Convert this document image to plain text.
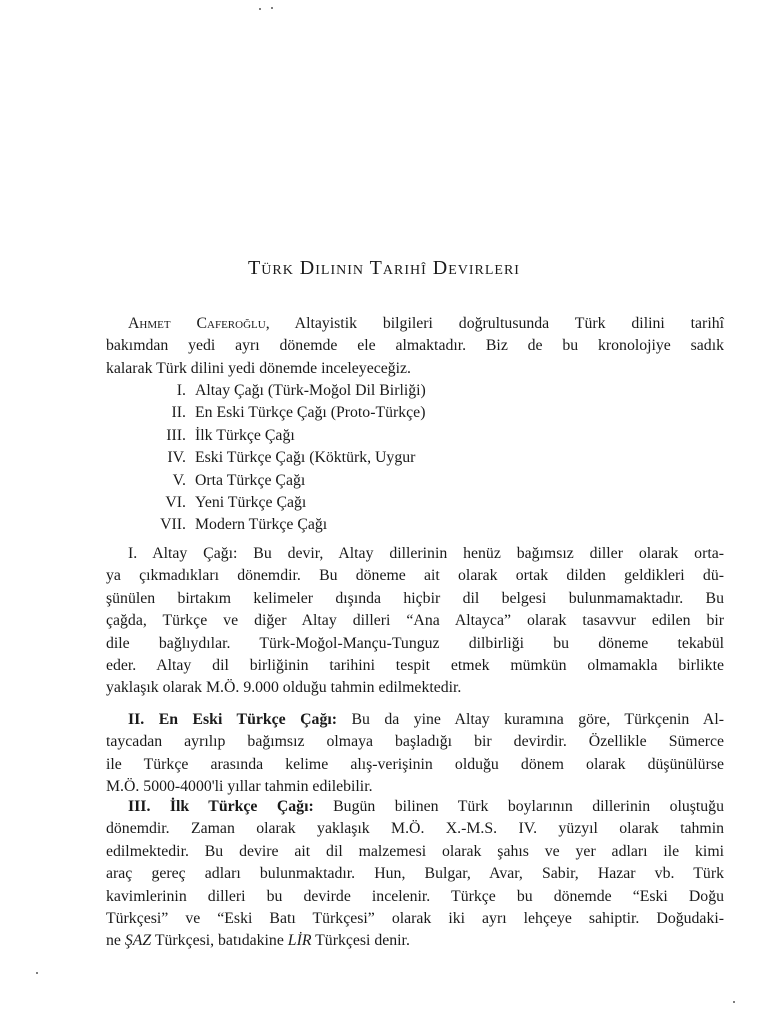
Türk Dilinin Tarihî Devirleri
Ahmet Caferoğlu, Altayistik bilgileri doğrultusunda Türk dilini tarihî
bakımdan yedi ayrı dönemde ele almaktadır. Biz de bu kronolojiye sadık
kalarak Türk dilini yedi dönemde inceleyeceğiz.
I. Altay Çağı (Türk-Moğol Dil Birliği)
II. En Eski Türkçe Çağı (Proto-Türkçe)
III. İlk Türkçe Çağı
IV. Eski Türkçe Çağı (Köktürk, Uygur
V. Orta Türkçe Çağı
VI. Yeni Türkçe Çağı
VII. Modern Türkçe Çağı
I. Altay Çağı: Bu devir, Altay dillerinin henüz bağımsız diller olarak orta-
ya çıkmadıkları dönemdir. Bu döneme ait olarak ortak dilden geldikleri dü-
şünülen birtakım kelimeler dışında hiçbir dil belgesi bulunmamaktadır. Bu
çağda, Türkçe ve diğer Altay dilleri “Ana Altayca” olarak tasavvur edilen bir
dile bağlıydılar. Türk-Moğol-Mançu-Tunguz dilbirliği bu döneme tekabül
eder. Altay dil birliğinin tarihini tespit etmek mümkün olmamakla birlikte
yaklaşık olarak M.Ö. 9.000 olduğu tahmin edilmektedir.
II. En Eski Türkçe Çağı: Bu da yine Altay kuramına göre, Türkçenin Al-
taycadan ayrılıp bağımsız olmaya başladığı bir devirdir. Özellikle Sümerce
ile Türkçe arasında kelime alış-verişinin olduğu dönem olarak düşünülürse
M.Ö. 5000-4000'li yıllar tahmin edilebilir.
III. İlk Türkçe Çağı: Bugün bilinen Türk boylarının dillerinin oluştuğu
dönemdir. Zaman olarak yaklaşık M.Ö. X.-M.S. IV. yüzyıl olarak tahmin
edilmektedir. Bu devire ait dil malzemesi olarak şahıs ve yer adları ile kimi
araç gereç adları bulunmaktadır. Hun, Bulgar, Avar, Sabir, Hazar vb. Türk
kavimlerinin dilleri bu devirde incelenir. Türkçe bu dönemde “Eski Doğu
Türkçesi” ve “Eski Batı Türkçesi” olarak iki ayrı lehçeye sahiptir. Doğudaki-
ne ŞAZ Türkçesi, batıdakine LİR Türkçesi denir.
